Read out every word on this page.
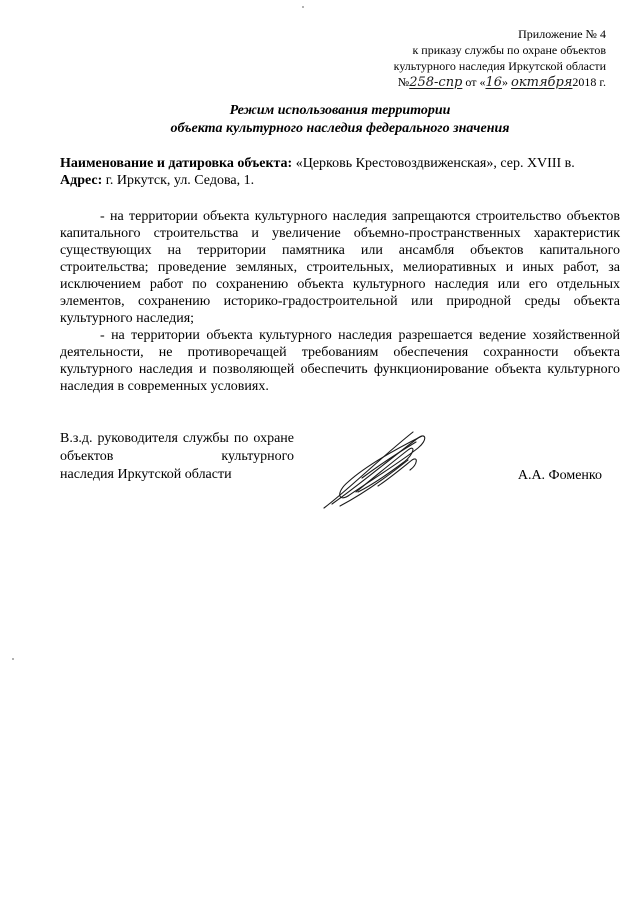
Приложение № 4
к приказу службы по охране объектов
культурного наследия Иркутской области
№258-спр от «16» октября2018 г.
Режим использования территории
объекта культурного наследия федерального значения
Наименование и датировка объекта: «Церковь Крестовоздвиженская», сер. XVIII в.
Адрес: г. Иркутск, ул. Седова, 1.

- на территории объекта культурного наследия запрещаются строительство объектов капитального строительства и увеличение объемно-пространственных характеристик существующих на территории памятника или ансамбля объектов капитального строительства; проведение земляных, строительных, мелиоративных и иных работ, за исключением работ по сохранению объекта культурного наследия или его отдельных элементов, сохранению историко-градостроительной или природной среды объекта культурного наследия;

- на территории объекта культурного наследия разрешается ведение хозяйственной деятельности, не противоречащей требованиям обеспечения сохранности объекта культурного наследия и позволяющей обеспечить функционирование объекта культурного наследия в современных условиях.

В.з.д. руководителя службы по охране объектов культурного
наследия Иркутской области	А.А. Фоменко
